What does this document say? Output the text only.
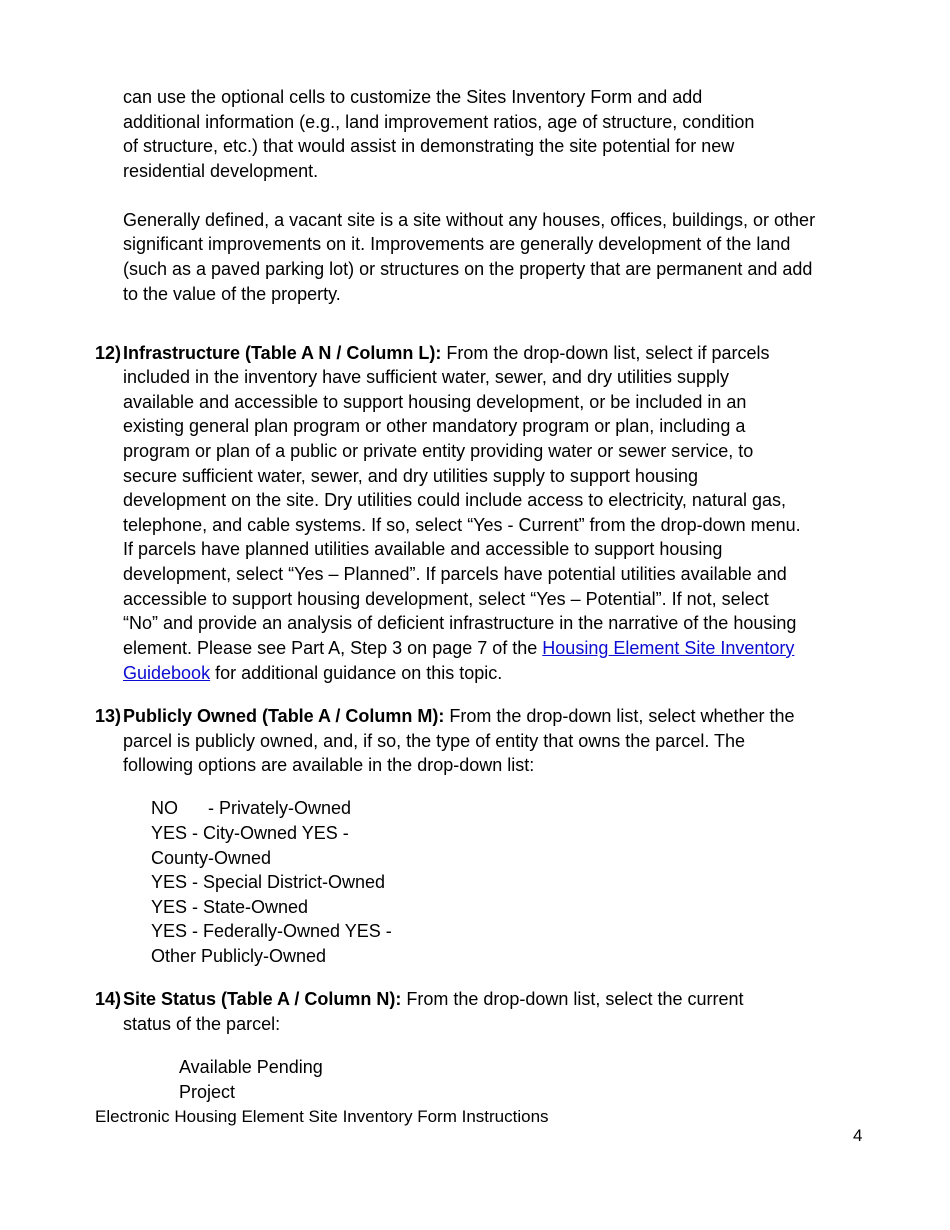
can use the optional cells to customize the Sites Inventory Form and add
additional information (e.g., land improvement ratios, age of structure, condition
of structure, etc.) that would assist in demonstrating the site potential for new
residential development.
Generally defined, a vacant site is a site without any houses, offices, buildings, or other
significant improvements on it. Improvements are generally development of the land
(such as a paved parking lot) or structures on the property that are permanent and add
to the value of the property.
12) Infrastructure (Table A N / Column L): From the drop-down list, select if parcels
included in the inventory have sufficient water, sewer, and dry utilities supply
available and accessible to support housing development, or be included in an
existing general plan program or other mandatory program or plan, including a
program or plan of a public or private entity providing water or sewer service, to
secure sufficient water, sewer, and dry utilities supply to support housing
development on the site. Dry utilities could include access to electricity, natural gas,
telephone, and cable systems. If so, select “Yes - Current” from the drop-down menu.
If parcels have planned utilities available and accessible to support housing
development, select “Yes – Planned”. If parcels have potential utilities available and
accessible to support housing development, select “Yes – Potential”. If not, select
“No” and provide an analysis of deficient infrastructure in the narrative of the housing
element. Please see Part A, Step 3 on page 7 of the Housing Element Site Inventory
Guidebook for additional guidance on this topic.
13) Publicly Owned (Table A / Column M): From the drop-down list, select whether the
parcel is publicly owned, and, if so, the type of entity that owns the parcel. The
following options are available in the drop-down list:
NO      - Privately-Owned
YES - City-Owned YES -
County-Owned
YES - Special District-Owned
YES - State-Owned
YES - Federally-Owned YES -
Other Publicly-Owned
14) Site Status (Table A / Column N): From the drop-down list, select the current
status of the parcel:
Available Pending
Project
Electronic Housing Element Site Inventory Form Instructions
4
